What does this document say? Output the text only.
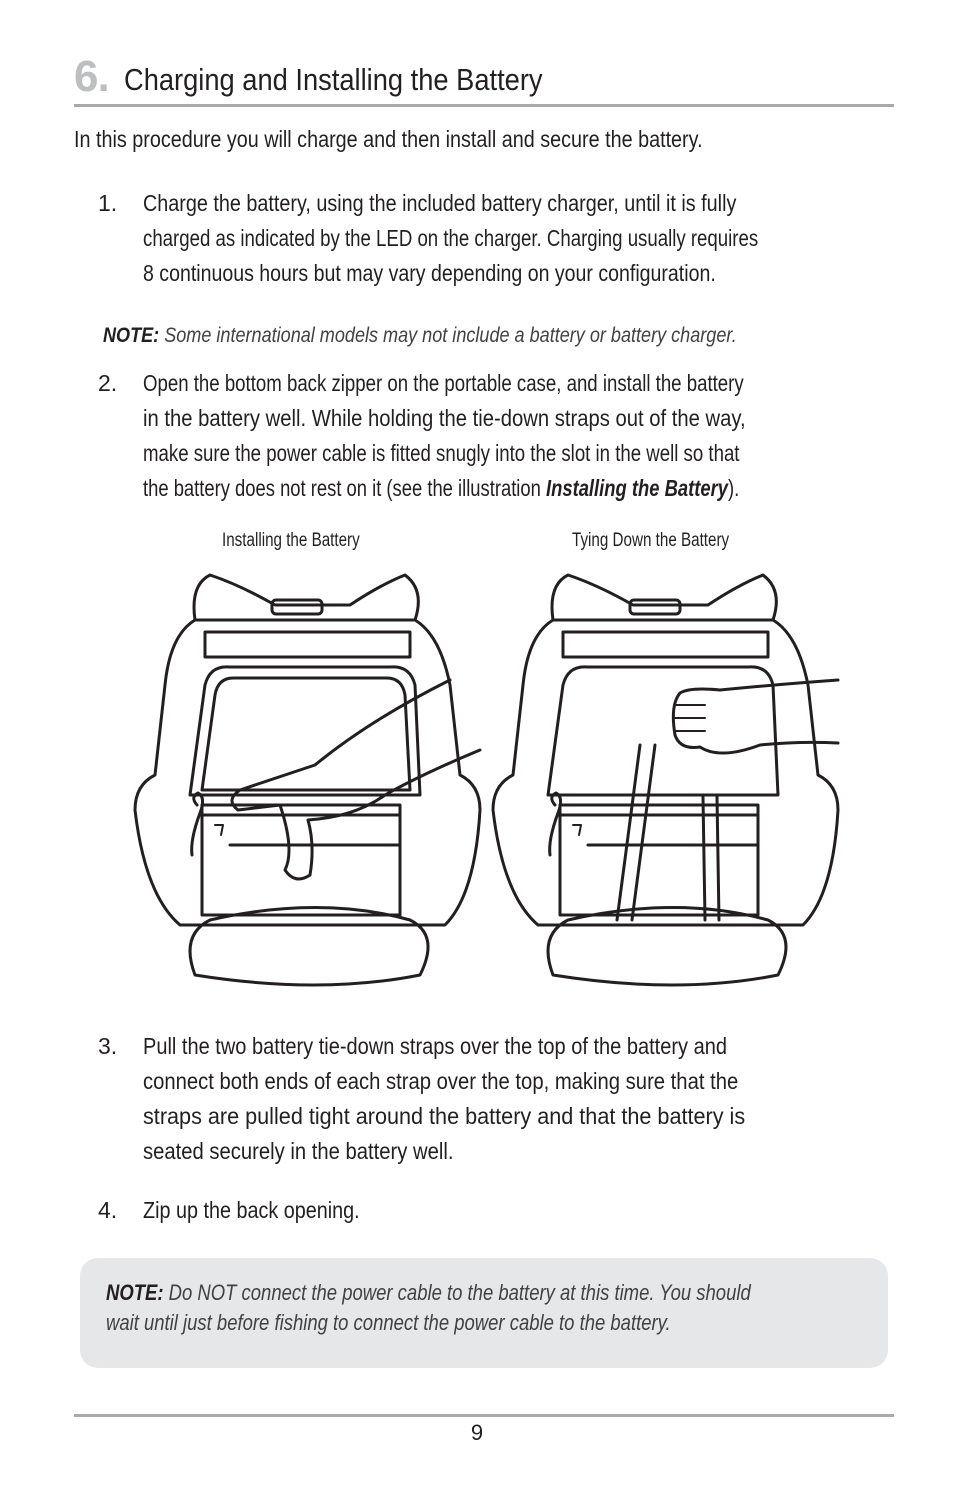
6. Charging and Installing the Battery
In this procedure you will charge and then install and secure the battery.
1. Charge the battery, using the included battery charger, until it is fully
charged as indicated by the LED on the charger. Charging usually requires
8 continuous hours but may vary depending on your configuration.
NOTE: Some international models may not include a battery or battery charger.
2. Open the bottom back zipper on the portable case, and install the battery
in the battery well. While holding the tie-down straps out of the way,
make sure the power cable is fitted snugly into the slot in the well so that
the battery does not rest on it (see the illustration Installing the Battery).
Installing the Battery	Tying Down the Battery
3. Pull the two battery tie-down straps over the top of the battery and
connect both ends of each strap over the top, making sure that the
straps are pulled tight around the battery and that the battery is
seated securely in the battery well.
4. Zip up the back opening.
NOTE: Do NOT connect the power cable to the battery at this time. You should
wait until just before fishing to connect the power cable to the battery.
9
